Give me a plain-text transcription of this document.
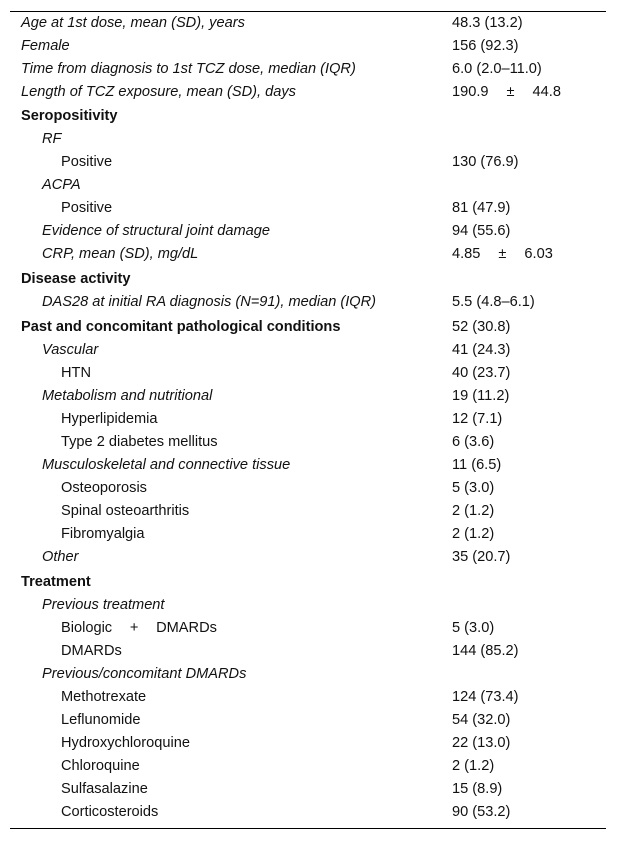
Age at 1st dose, mean (SD), years	48.3 (13.2)
Female	156 (92.3)
Time from diagnosis to 1st TCZ dose, median (IQR)	6.0 (2.0–11.0)
Length of TCZ exposure, mean (SD), days	190.9 ± 44.8
Seropositivity
RF
Positive	130 (76.9)
ACPA
Positive	81 (47.9)
Evidence of structural joint damage	94 (55.6)
CRP, mean (SD), mg/dL	4.85 ± 6.03
Disease activity
DAS28 at initial RA diagnosis (N=91), median (IQR)	5.5 (4.8–6.1)
Past and concomitant pathological conditions	52 (30.8)
Vascular	41 (24.3)
HTN	40 (23.7)
Metabolism and nutritional	19 (11.2)
Hyperlipidemia	12 (7.1)
Type 2 diabetes mellitus	6 (3.6)
Musculoskeletal and connective tissue	11 (6.5)
Osteoporosis	5 (3.0)
Spinal osteoarthritis	2 (1.2)
Fibromyalgia	2 (1.2)
Other	35 (20.7)
Treatment
Previous treatment
Biologic + DMARDs	5 (3.0)
DMARDs	144 (85.2)
Previous/concomitant DMARDs
Methotrexate	124 (73.4)
Leflunomide	54 (32.0)
Hydroxychloroquine	22 (13.0)
Chloroquine	2 (1.2)
Sulfasalazine	15 (8.9)
Corticosteroids	90 (53.2)
